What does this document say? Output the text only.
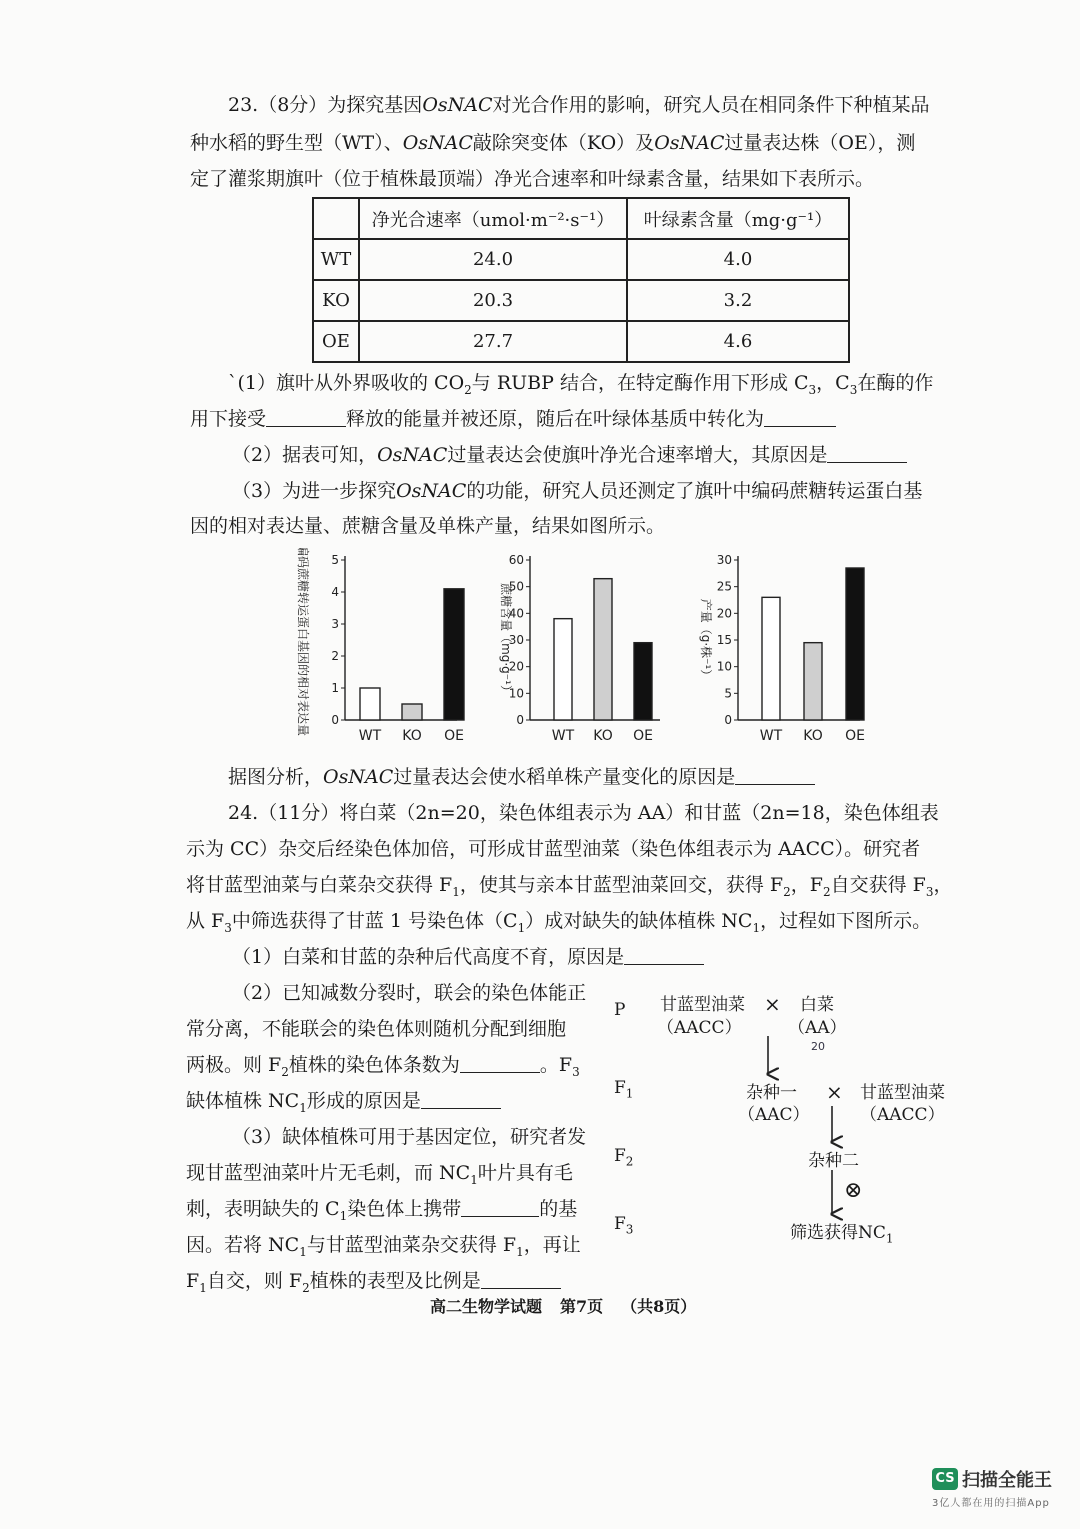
23.（8分）为探究基因OsNAC对光合作用的影响，研究人员在相同条件下种植某品
种水稻的野生型（WT）、OsNAC敲除突变体（KO）及OsNAC过量表达株（OE），测
定了灌浆期旗叶（位于植株最顶端）净光合速率和叶绿素含量，结果如下表所示。
	净光合速率（umol·m⁻²·s⁻¹）	叶绿素含量（mg·g⁻¹）
WT	24.0	4.0
KO	20.3	3.2
OE	27.7	4.6
`(1）旗叶从外界吸收的 $CO_2$与 RUBP 结合，在特定酶作用下形成 $C_3$，$C_3$在酶的作
用下接受	释放的能量并被还原，随后在叶绿体基质中转化为
（2）据表可知，OsNAC过量表达会使旗叶净光合速率增大，其原因是
（3）为进一步探究OsNAC的功能，研究人员还测定了旗叶中编码蔗糖转运蛋白基
因的相对表达量、蔗糖含量及单株产量，结果如图所示。
0
1
2
3
4
5
编码蔗糖转运蛋白基因的相对表达量	WT KO OE
0
10
20
30
40
50
60
蔗糖含量（mg·g⁻¹）
WT KO OE
0
5
10
15
20
25
30
产量（g·株⁻¹）
WT KO OE
据图分析，OsNAC过量表达会使水稻单株产量变化的原因是
24.（11分）将白菜（2n=20，染色体组表示为 AA）和甘蓝（2n=18，染色体组表
示为 CC）杂交后经染色体加倍，可形成甘蓝型油菜（染色体组表示为 AACC）。研究者
将甘蓝型油菜与白菜杂交获得 $F_1$，使其与亲本甘蓝型油菜回交，获得 $F_2$，$F_2$自交获得 $F_3$，
从 $F_3$中筛选获得了甘蓝 1 号染色体$(C_1)$成对缺失的缺体植株 $NC_1$，过程如下图所示。
（1）白菜和甘蓝的杂种后代高度不育，原因是
（2）已知减数分裂时，联会的染色体能正
常分离，不能联会的染色体则随机分配到细胞
两极。则 $F_2$植株的染色体条数为	。$F_3$
缺体植株 $NC_1$形成的原因是
（3）缺体植株可用于基因定位，研究者发
现甘蓝型油菜叶片无毛刺，而 $NC_1$叶片具有毛
刺，表明缺失的 $C_1$染色体上携带	的基
因。若将 $NC_1$与甘蓝型油菜杂交获得 $F_1$，再让
$F_1$自交，则 $F_2$植株的表型及比例是
P
$F_1$
$F_2$
$F_3$
甘蓝型油菜
（AACC）
× 白菜
（AA）
20
杂种一
（AAC）
× 甘蓝型油菜
（AACC）
杂种二
⊗
筛选获得$NC_1$
高二生物学试题 第7页 （共8页）
CS 扫描全能王
3亿人都在用的扫描App
